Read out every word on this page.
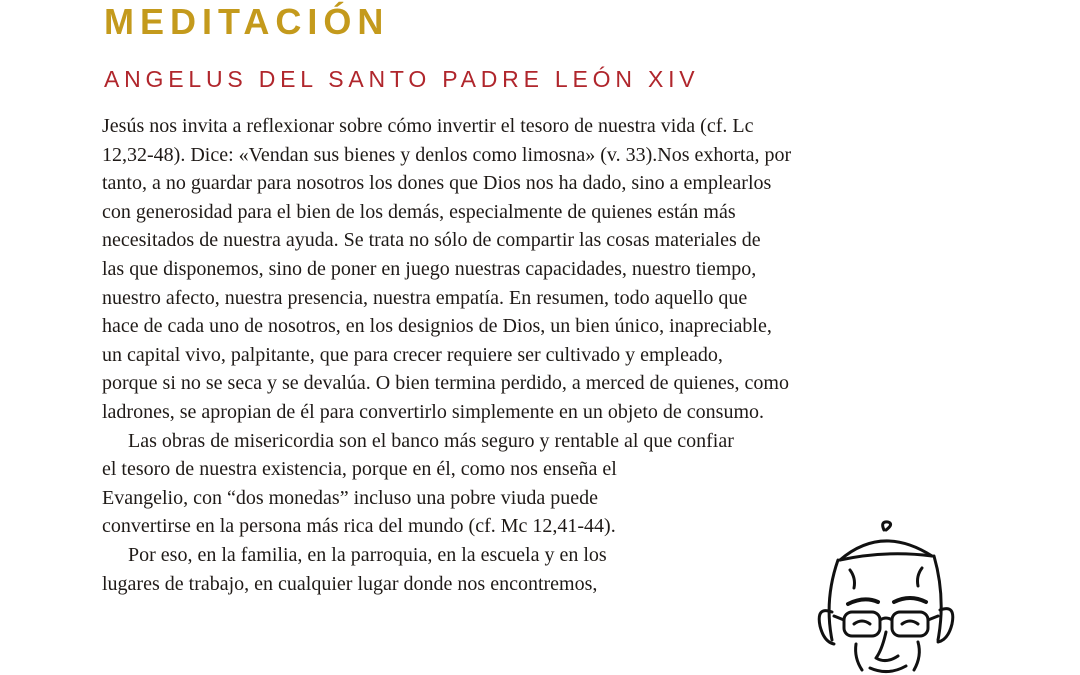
MEDITACIÓN
ANGELUS DEL SANTO PADRE LEÓN XIV

Jesús nos invita a reflexionar sobre cómo invertir el tesoro de nuestra vida (cf. Lc

12,32-48). Dice: «Vendan sus bienes y denlos como limosna» (v. 33).Nos exhorta, por

tanto, a no guardar para nosotros los dones que Dios nos ha dado, sino a emplearlos

con generosidad para el bien de los demás, especialmente de quienes están más

necesitados de nuestra ayuda. Se trata no sólo de compartir las cosas materiales de

las que disponemos, sino de poner en juego nuestras capacidades, nuestro tiempo,

nuestro afecto, nuestra presencia, nuestra empatía. En resumen, todo aquello que

hace de cada uno de nosotros, en los designios de Dios, un bien único, inapreciable,

un capital vivo, palpitante, que para crecer requiere ser cultivado y empleado,

porque si no se seca y se devalúa. O bien termina perdido, a merced de quienes, como

ladrones, se apropian de él para convertirlo simplemente en un objeto de consumo.

Las obras de misericordia son el banco más seguro y rentable al que confiar

el tesoro de nuestra existencia, porque en él, como nos enseña el

Evangelio, con “dos monedas” incluso una pobre viuda puede

convertirse en la persona más rica del mundo (cf. Mc 12,41-44).

Por eso, en la familia, en la parroquia, en la escuela y en los

lugares de trabajo, en cualquier lugar donde nos encontremos,
